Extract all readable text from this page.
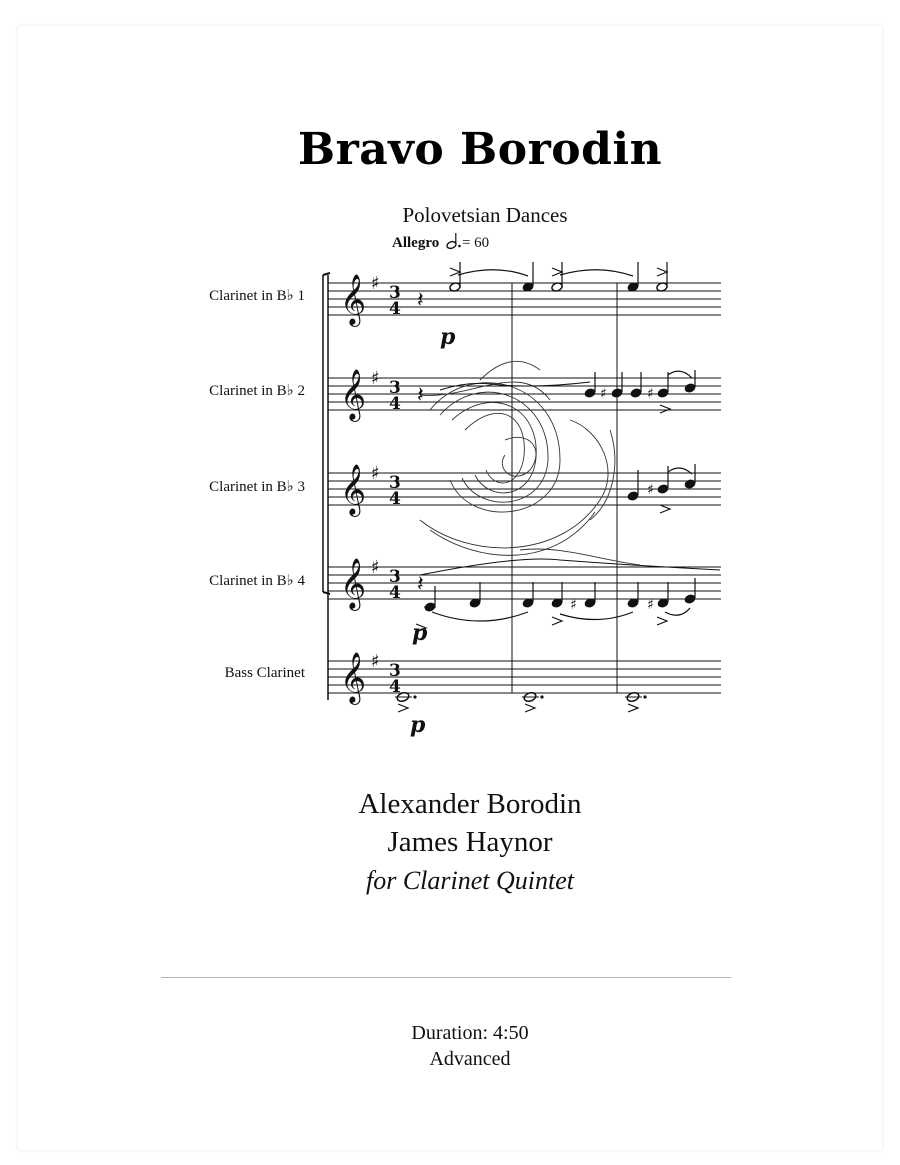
Bravo Borodin
Polovetsian Dances
Allegro = 60
Clarinet in B♭ 1
Clarinet in B♭ 2
Clarinet in B♭ 3
Clarinet in B♭ 4
Bass Clarinet
𝄞
𝄞
𝄞
𝄞
𝄞
♯
♯
♯
♯
♯
3
4
3
4
3
4
3
4
3
4
𝄽
𝄽
𝄽
♯	♯
♯
♯	♯
p
p
p
Alexander Borodin
James Haynor
for Clarinet Quintet
Duration: 4:50
Advanced
